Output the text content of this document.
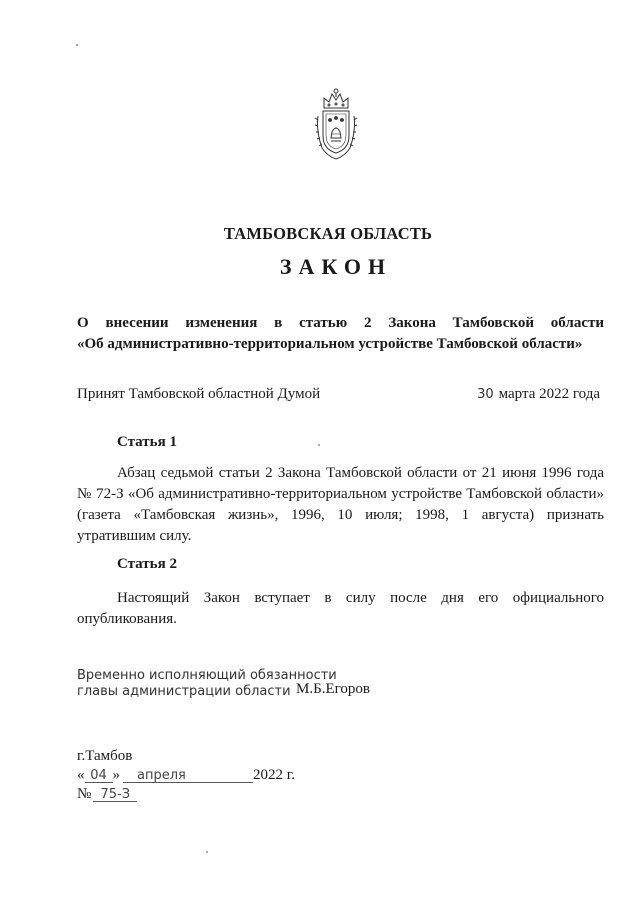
ТАМБОВСКАЯ ОБЛАСТЬ
ЗАКОН
О внесении изменения в статью 2 Закона Тамбовской области
«Об административно-территориальном устройстве Тамбовской области»
Принят Тамбовской областной Думой	30 марта 2022 года
Статья 1
Абзац седьмой статьи 2 Закона Тамбовской области от 21 июня 1996 года № 72-З «Об административно-территориальном устройстве Тамбовской области» (газета «Тамбовская жизнь», 1996, 10 июля; 1998, 1 августа) признать утратившим силу.
Статья 2
Настоящий Закон вступает в силу после дня его официального опубликования.
Временно исполняющий обязанности
главы администрации области М.Б.Егоров
г.Тамбов
« 04 » апреля	2022 г.
№ 75-З
